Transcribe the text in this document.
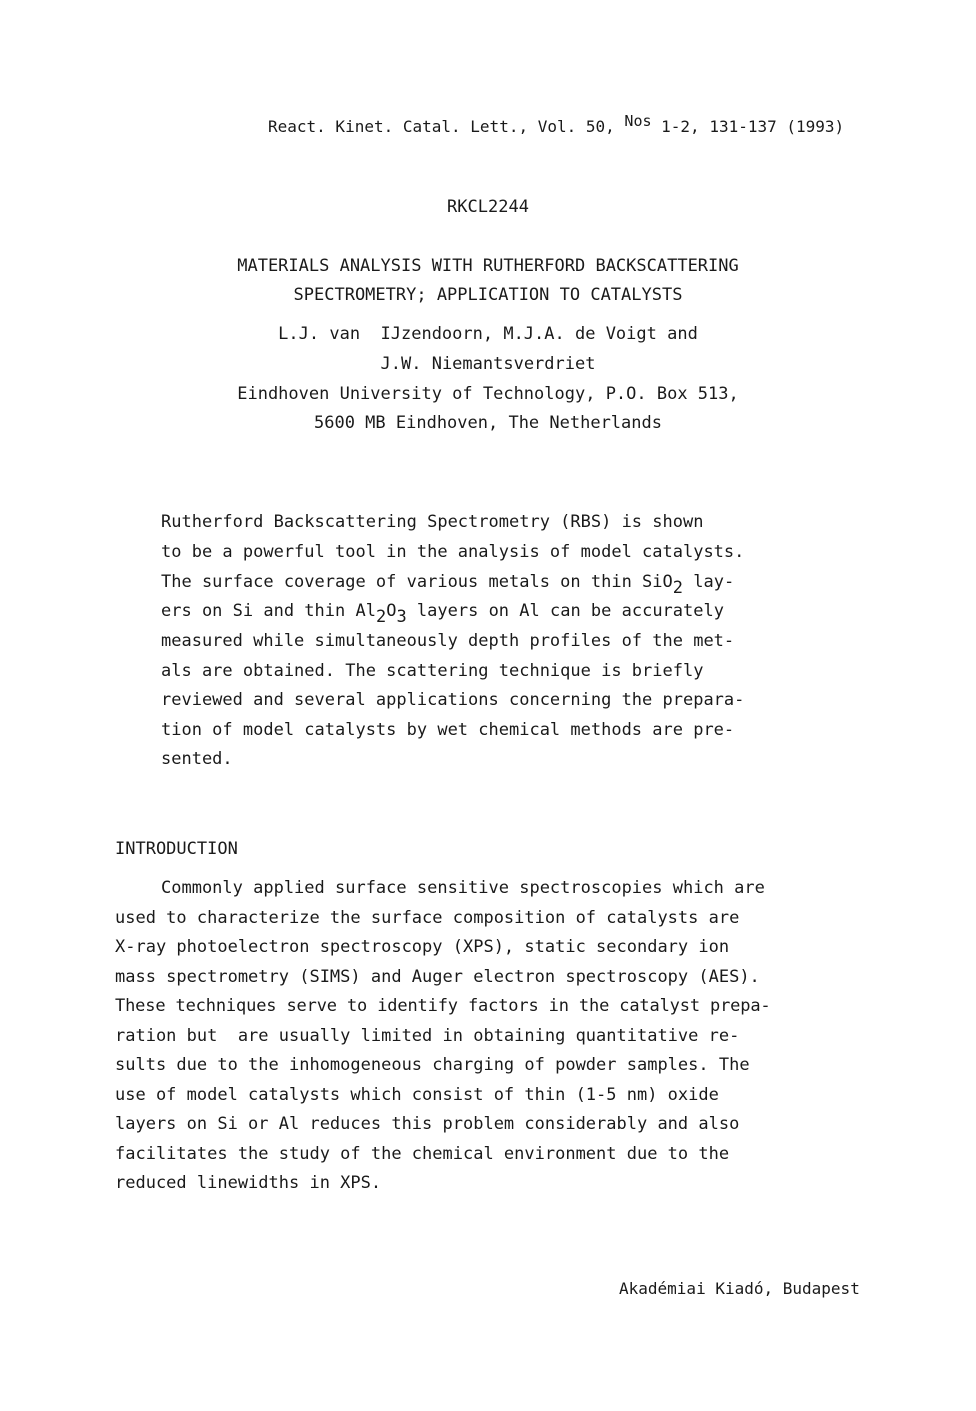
React. Kinet. Catal. Lett., Vol. 50, $^{Nos}$ 1-2, 131-137 (1993)
RKCL2244
MATERIALS ANALYSIS WITH RUTHERFORD BACKSCATTERING
SPECTROMETRY; APPLICATION TO CATALYSTS
L.J. van  IJzendoorn, M.J.A. de Voigt and
J.W. Niemantsverdriet
Eindhoven University of Technology, P.O. Box 513,
5600 MB Eindhoven, The Netherlands
Rutherford Backscattering Spectrometry (RBS) is shown
to be a powerful tool in the analysis of model catalysts.
The surface coverage of various metals on thin SiO$_2$ lay-
ers on Si and thin $Al_2O_3$ layers on Al can be accurately
measured while simultaneously depth profiles of the met-
als are obtained. The scattering technique is briefly
reviewed and several applications concerning the prepara-
tion of model catalysts by wet chemical methods are pre-
sented.
INTRODUCTION
Commonly applied surface sensitive spectroscopies which are
used to characterize the surface composition of catalysts are
X-ray photoelectron spectroscopy (XPS), static secondary ion
mass spectrometry (SIMS) and Auger electron spectroscopy (AES).
These techniques serve to identify factors in the catalyst prepa-
ration but  are usually limited in obtaining quantitative re-
sults due to the inhomogeneous charging of powder samples. The
use of model catalysts which consist of thin (1-5 nm) oxide
layers on Si or Al reduces this problem considerably and also
facilitates the study of the chemical environment due to the
reduced linewidths in XPS.
Akadémiai Kiadó, Budapest
